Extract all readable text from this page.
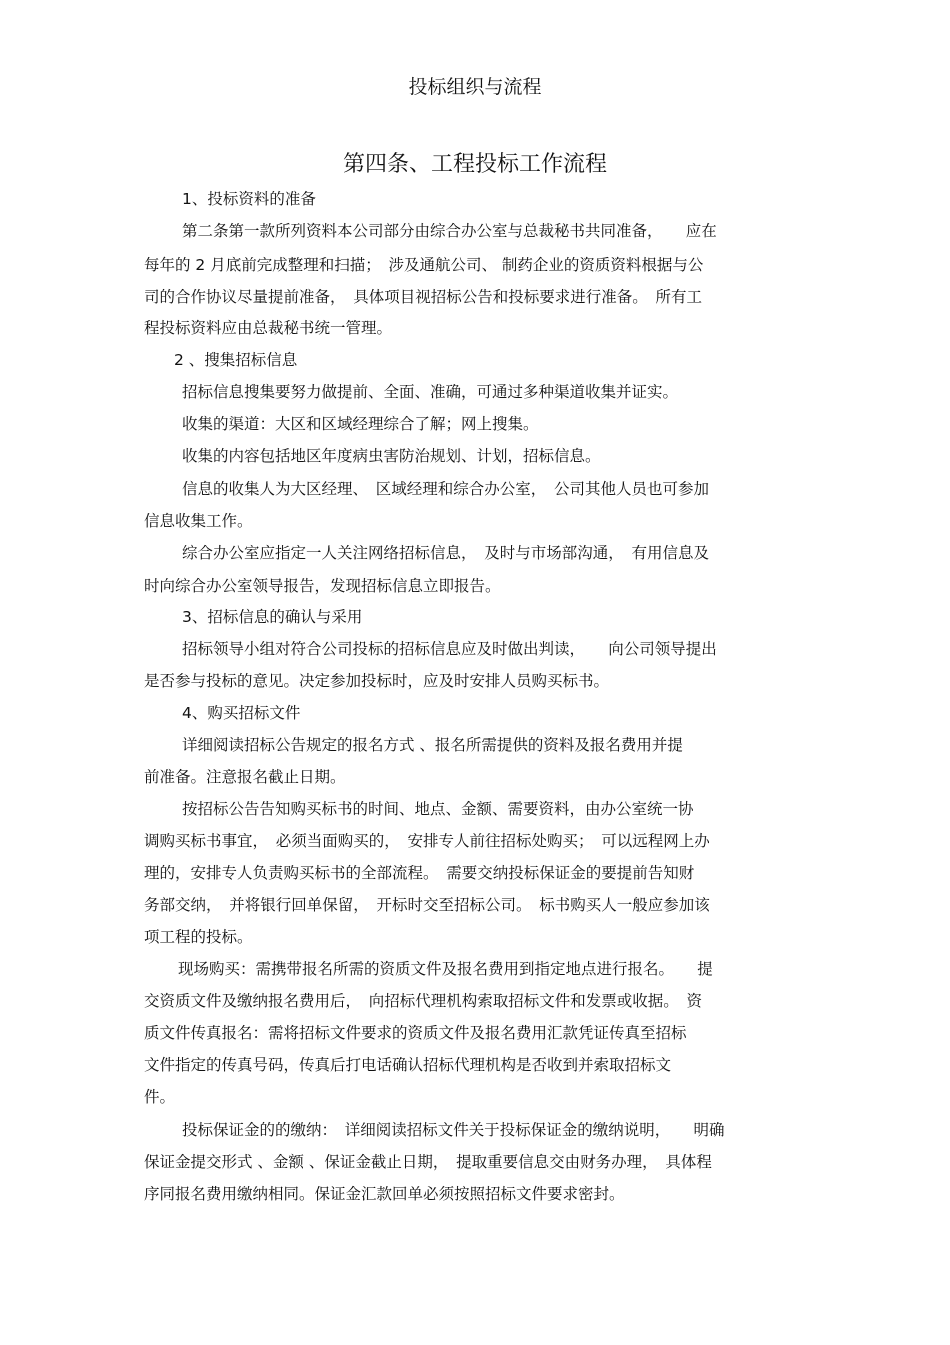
投标组织与流程
第四条、工程投标工作流程

1、投标资料的准备

第二条第一款所列资料本公司部分由综合办公室与总裁秘书共同准备，　　应在

每年的 2 月底前完成整理和扫描；　涉及通航公司、 制药企业的资质资料根据与公

司的合作协议尽量提前准备，　具体项目视招标公告和投标要求进行准备。　所有工

程投标资料应由总裁秘书统一管理。

2 、搜集招标信息

招标信息搜集要努力做提前、全面、准确，可通过多种渠道收集并证实。

收集的渠道：大区和区域经理综合了解；网上搜集。

收集的内容包括地区年度病虫害防治规划、计划，招标信息。

信息的收集人为大区经理、　区域经理和综合办公室，　公司其他人员也可参加

信息收集工作。

综合办公室应指定一人关注网络招标信息，　及时与市场部沟通，　有用信息及

时向综合办公室领导报告，发现招标信息立即报告。

3、招标信息的确认与采用

招标领导小组对符合公司投标的招标信息应及时做出判读，　　向公司领导提出

是否参与投标的意见。决定参加投标时，应及时安排人员购买标书。

4、购买招标文件

详细阅读招标公告规定的报名方式 、报名所需提供的资料及报名费用并提

前准备。注意报名截止日期。

按招标公告告知购买标书的时间、地点、金额、需要资料，由办公室统一协

调购买标书事宜，　必须当面购买的，　安排专人前往招标处购买；　可以远程网上办

理的，安排专人负责购买标书的全部流程。　需要交纳投标保证金的要提前告知财

务部交纳，　并将银行回单保留，　开标时交至招标公司。　标书购买人一般应参加该

项工程的投标。

现场购买：需携带报名所需的资质文件及报名费用到指定地点进行报名。　　提

交资质文件及缴纳报名费用后，　向招标代理机构索取招标文件和发票或收据。　资

质文件传真报名：需将招标文件要求的资质文件及报名费用汇款凭证传真至招标

文件指定的传真号码，传真后打电话确认招标代理机构是否收到并索取招标文

件。

投标保证金的的缴纳：　详细阅读招标文件关于投标保证金的缴纳说明，　　明确

保证金提交形式 、金额 、保证金截止日期，　提取重要信息交由财务办理，　具体程

序同报名费用缴纳相同。保证金汇款回单必须按照招标文件要求密封。
